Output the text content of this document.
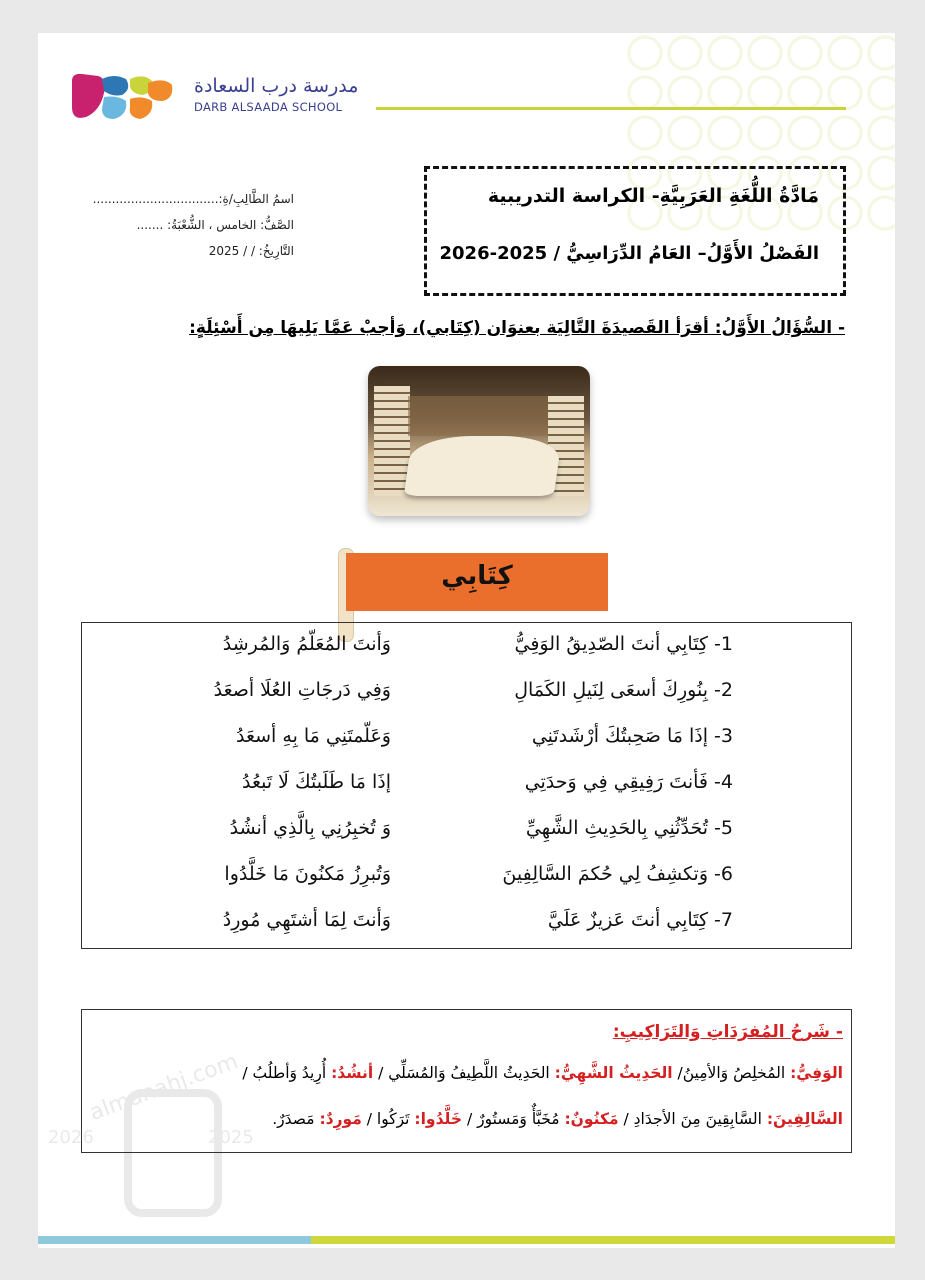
مدرسة درب السعادة
DARB ALSAADA SCHOOL
مَادَّةُ اللُّغَةِ العَرَبِيَّةِ- الكراسة التدريبية
الفَصْلُ الأَوَّلُ– العَامُ الدِّرَاسِيُّ / 2025-2026
اسمُ الطَّالِبِ/ةِ:.................................
الصَّفُّ: الخامس ، الشُّعْبَةُ: .......
التَّارِيخُ: / / 2025
- السُّؤَالُ الأَوَّلُ: أقرَأ القَصيدَةَ التَّالِيَة بعنوَان (كِتَابي)، وَأجبْ عَمَّا يَلِيهَا مِن أَسْئِلَةٍ:
كِتَابِي
1- كِتَابِي أنتَ الصّدِيقُ الوَفِيُّ
وَأنتَ المُعَلّمُ وَالمُرشِدُ
2- بِنُورِكَ أسعَى لِنَيلِ الكَمَالِ
وَفِي دَرجَاتِ العُلَا أصعَدُ
3- إذَا مَا صَحِبتُكَ أرْشَدتَنِي
وَعَلّمتَنِي مَا بِهِ أسعَدُ
4- فَأنتَ رَفِيقِي فِي وَحدَتِي
إذَا مَا طَلَبتُكَ لَا تَبعُدُ
5- تُحَدِّثُنِي بِالحَدِيثِ الشَّهِيِّ
وَ تُخبِرُنِي بِالَّذِي أنشُدُ
6- وَتكشِفُ لِي حُكمَ السَّالِفِينَ
وَتُبرِزُ مَكنُونَ مَا خَلَّدُوا
7- كِتَابِي أنتَ عَزيزٌ عَلَيَّ
وَأنتَ لِمَا أشتَهِي مُورِدُ
almanahj.com
2026	2025
- شَرحُ المُفرَدَاتِ وَالتَرَاكِيبِ:
الوَفِيُّ: المُخلِصُ وَالأمِينُ/ الحَدِيثُ الشَّهِيُّ: الحَدِيثُ اللَّطِيفُ وَالمُسَلِّي / أنشُدُ: أُرِيدُ وَأطلُبُ /
السَّالِفِينَ: السَّابِقِينَ مِنَ الأجدَادِ / مَكنُونٌ: مُخَبَّأٌ وَمَستُورٌ / خَلَّدُوا: تَرَكُوا / مَورِدٌ: مَصدَرٌ.
